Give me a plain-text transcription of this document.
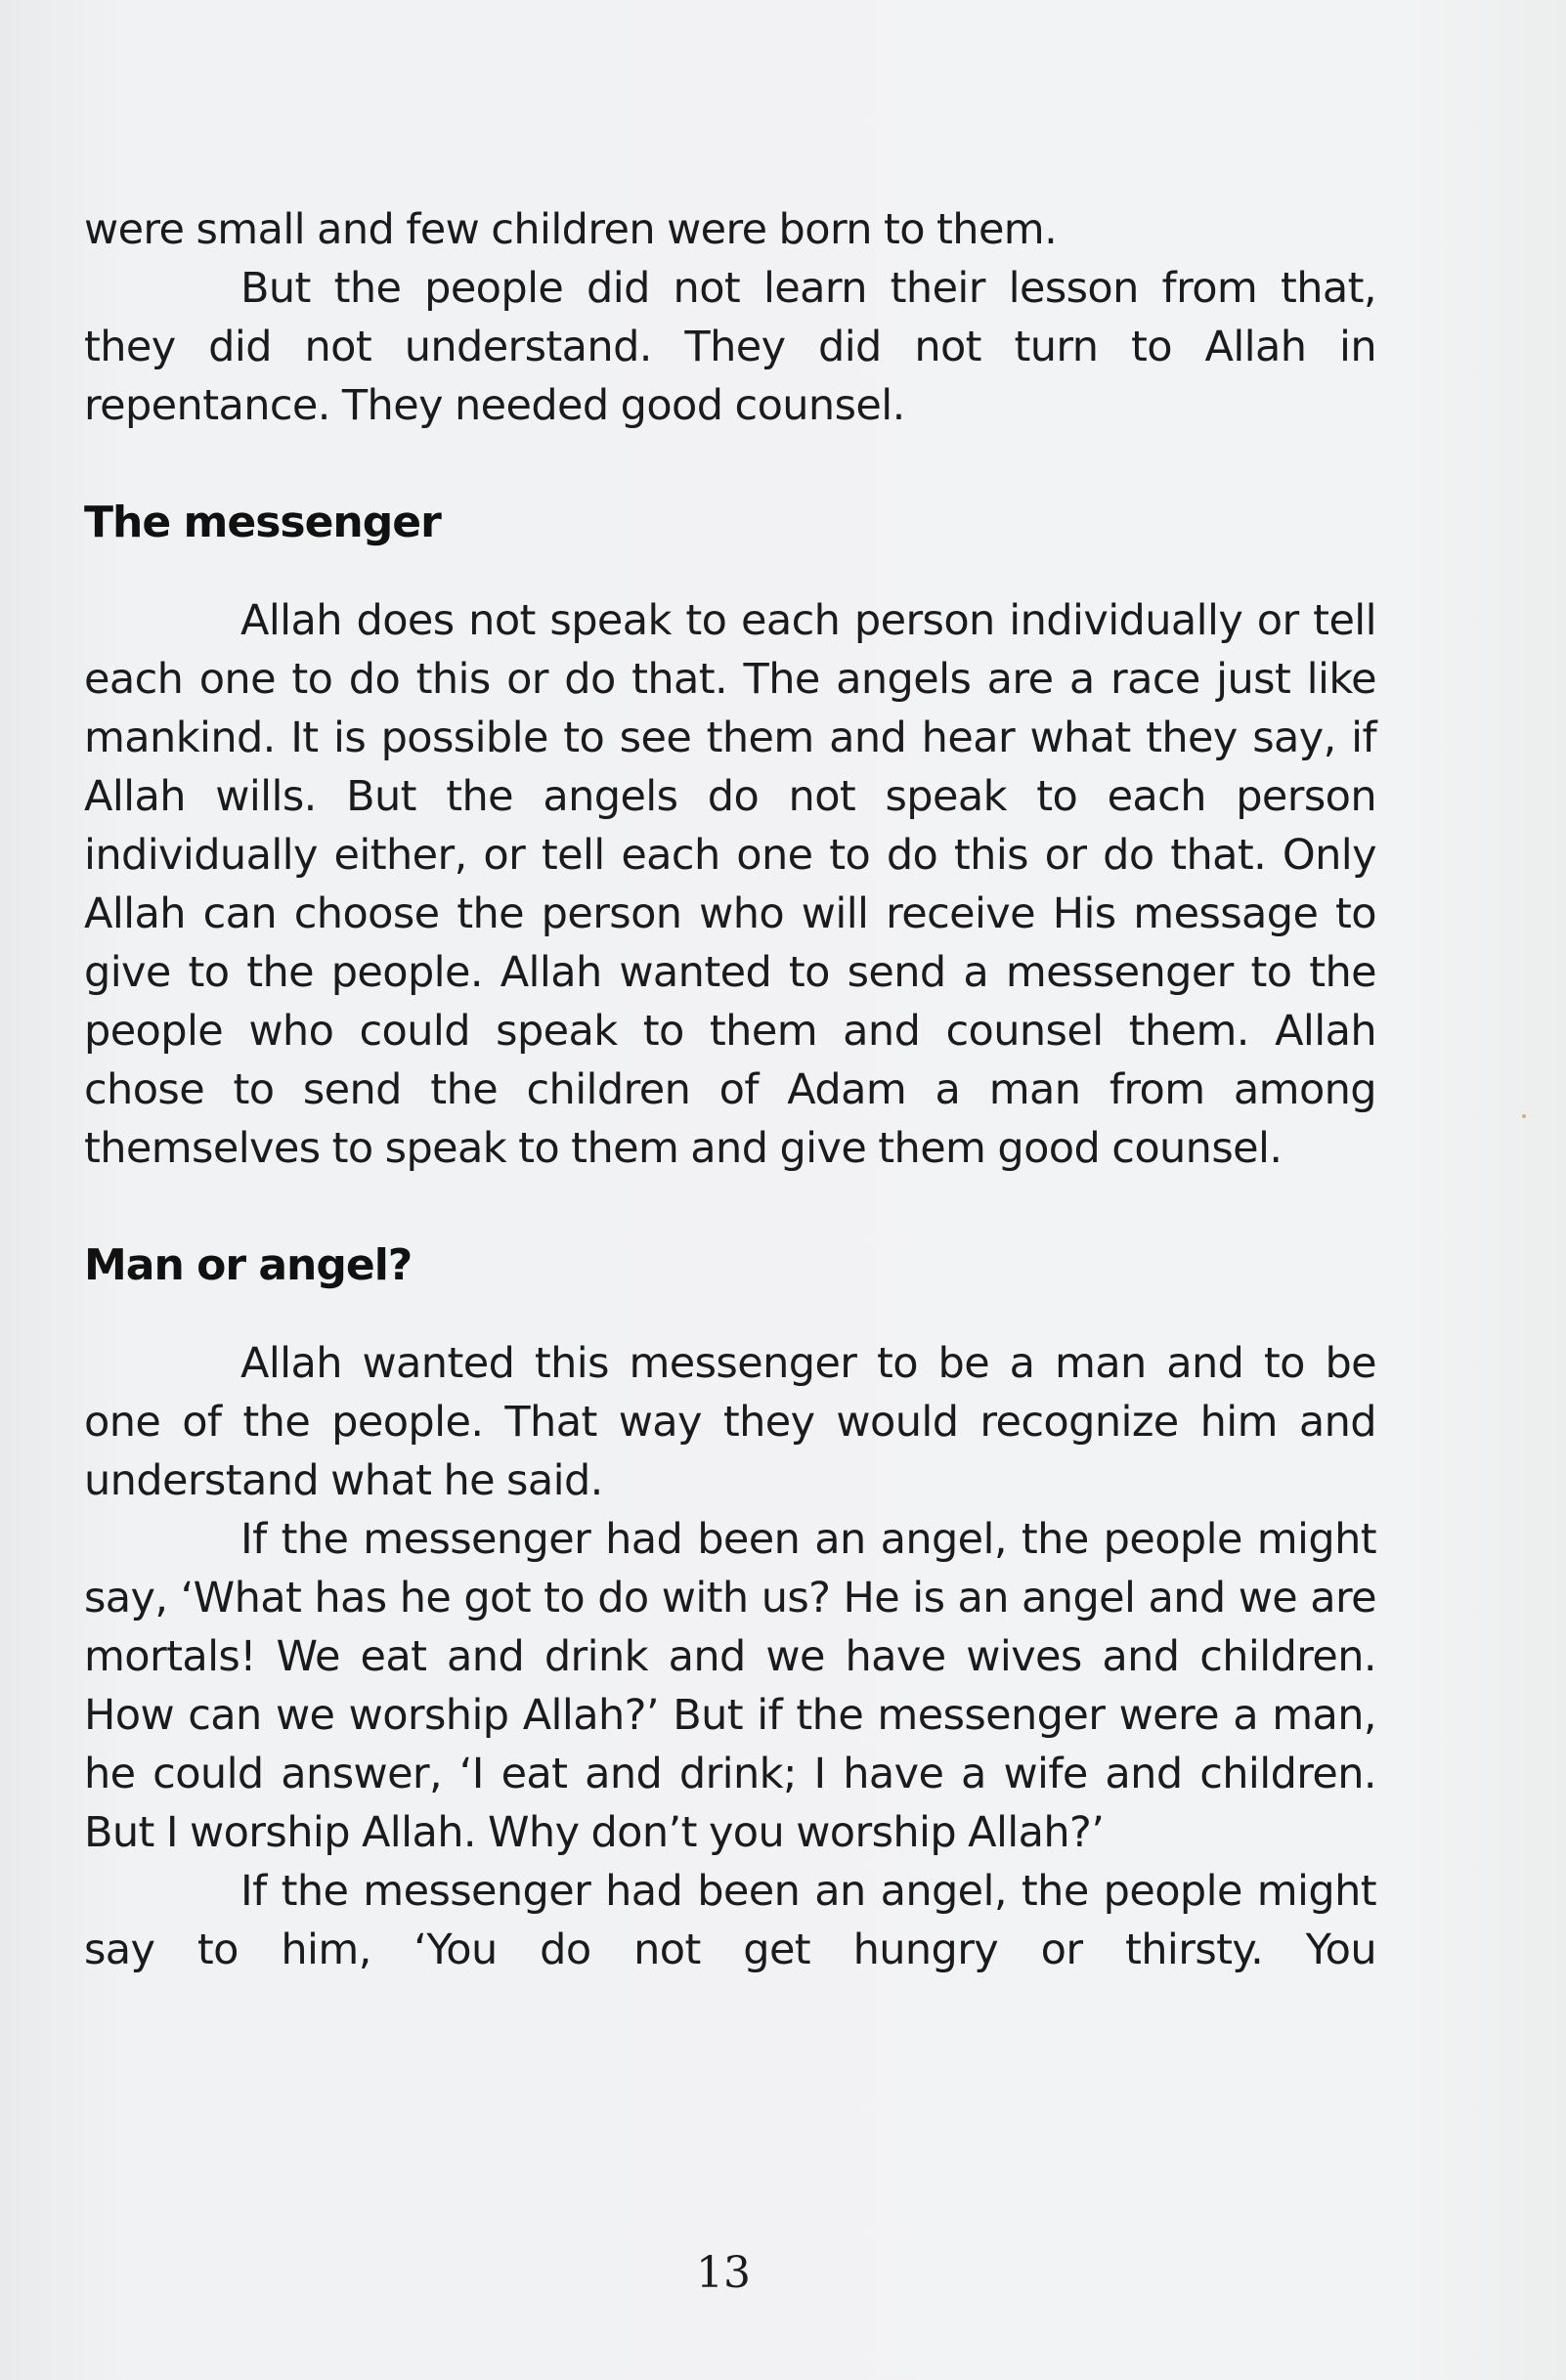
were small and few children were born to them.

But the people did not learn their lesson from that, they did not understand. They did not turn to Allah in repentance. They needed good counsel.

The messenger

Allah does not speak to each person individually or tell each one to do this or do that. The angels are a race just like mankind. It is possible to see them and hear what they say, if Allah wills. But the angels do not speak to each person individually either, or tell each one to do this or do that. Only Allah can choose the person who will receive His message to give to the people. Allah wanted to send a messenger to the people who could speak to them and counsel them. Allah chose to send the children of Adam a man from among themselves to speak to them and give them good counsel.

Man or angel?

Allah wanted this messenger to be a man and to be one of the people. That way they would recognize him and understand what he said.

If the messenger had been an angel, the people might say, ‘What has he got to do with us? He is an angel and we are mortals! We eat and drink and we have wives and children. How can we worship Allah?’ But if the messenger were a man, he could answer, ‘I eat and drink; I have a wife and children. But I worship Allah. Why don’t you worship Allah?’

If the messenger had been an angel, the people might say to him, ‘You do not get hungry or thirsty. You

13
